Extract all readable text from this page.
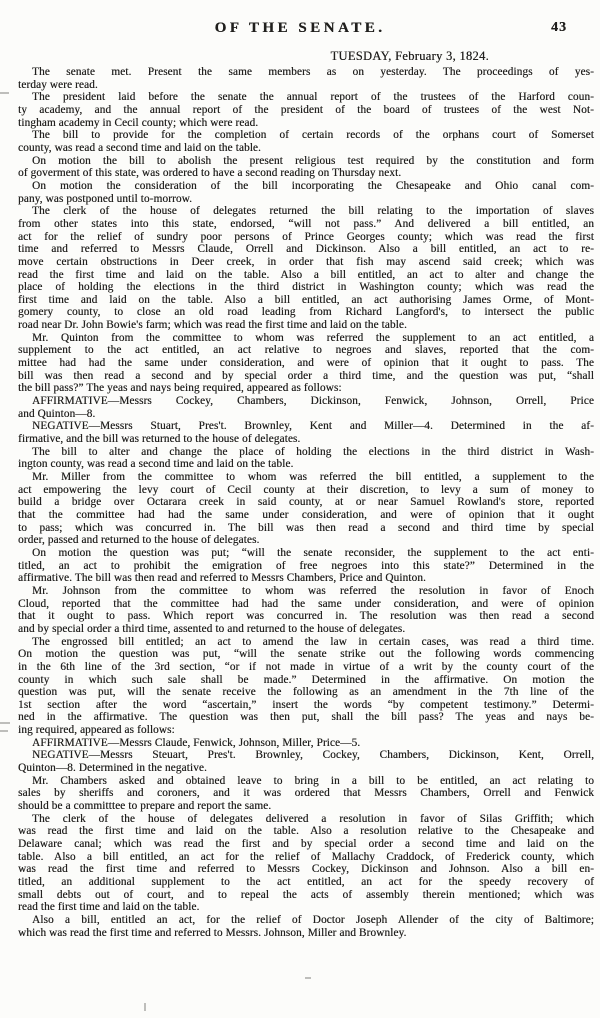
OF THE SENATE.	43
TUESDAY, February 3, 1824.
The senate met. Present the same members as on yesterday. The proceedings of yes-
terday were read.
The president laid before the senate the annual report of the trustees of the Harford coun-
ty academy, and the annual report of the president of the board of trustees of the west Not-
tingham academy in Cecil county; which were read.
The bill to provide for the completion of certain records of the orphans court of Somerset
county, was read a second time and laid on the table.
On motion the bill to abolish the present religious test required by the constitution and form
of goverment of this state, was ordered to have a second reading on Thursday next.
On motion the consideration of the bill incorporating the Chesapeake and Ohio canal com-
pany, was postponed until to-morrow.
The clerk of the house of delegates returned the bill relating to the importation of slaves
from other states into this state, endorsed, “will not pass.” And delivered a bill entitled, an
act for the relief of sundry poor persons of Prince Georges county; which was read the first
time and referred to Messrs Claude, Orrell and Dickinson. Also a bill entitled, an act to re-
move certain obstructions in Deer creek, in order that fish may ascend said creek; which was
read the first time and laid on the table. Also a bill entitled, an act to alter and change the
place of holding the elections in the third district in Washington county; which was read the
first time and laid on the table. Also a bill entitled, an act authorising James Orme, of Mont-
gomery county, to close an old road leading from Richard Langford's, to intersect the public
road near Dr. John Bowie's farm; which was read the first time and laid on the table.
Mr. Quinton from the committee to whom was referred the supplement to an act entitled, a
supplement to the act entitled, an act relative to negroes and slaves, reported that the com-
mittee had had the same under consideration, and were of opinion that it ought to pass. The
bill was then read a second and by special order a third time, and the question was put, “shall
the bill pass?” The yeas and nays being required, appeared as follows:
AFFIRMATIVE—Messrs Cockey, Chambers, Dickinson, Fenwick, Johnson, Orrell, Price
and Quinton—8.
NEGATIVE—Messrs Stuart, Pres't. Brownley, Kent and Miller—4. Determined in the af-
firmative, and the bill was returned to the house of delegates.
The bill to alter and change the place of holding the elections in the third district in Wash-
ington county, was read a second time and laid on the table.
Mr. Miller from the committee to whom was referred the bill entitled, a supplement to the
act empowering the levy court of Cecil county at their discretion, to levy a sum of money to
build a bridge over Octarara creek in said county, at or near Samuel Rowland's store, reported
that the committee had had the same under consideration, and were of opinion that it ought
to pass; which was concurred in. The bill was then read a second and third time by special
order, passed and returned to the house of delegates.
On motion the question was put; “will the senate reconsider, the supplement to the act enti-
titled, an act to prohibit the emigration of free negroes into this state?” Determined in the
affirmative. The bill was then read and referred to Messrs Chambers, Price and Quinton.
Mr. Johnson from the committee to whom was referred the resolution in favor of Enoch
Cloud, reported that the committee had had the same under consideration, and were of opinion
that it ought to pass. Which report was concurred in. The resolution was then read a second
and by special order a third time, assented to and returned to the house of delegates.
The engrossed bill entitled; an act to amend the law in certain cases, was read a third time.
On motion the question was put, “will the senate strike out the following words commencing
in the 6th line of the 3rd section, “or if not made in virtue of a writ by the county court of the
county in which such sale shall be made.” Determined in the affirmative. On motion the
question was put, will the senate receive the following as an amendment in the 7th line of the
1st section after the word “ascertain,” insert the words “by competent testimony.” Determi-
ned in the affirmative. The question was then put, shall the bill pass? The yeas and nays be-
ing required, appeared as follows:
AFFIRMATIVE—Messrs Claude, Fenwick, Johnson, Miller, Price—5.
NEGATIVE—Messrs Steuart, Pres't. Brownley, Cockey, Chambers, Dickinson, Kent, Orrell,
Quinton—8. Determined in the negative.
Mr. Chambers asked and obtained leave to bring in a bill to be entitled, an act relating to
sales by sheriffs and coroners, and it was ordered that Messrs Chambers, Orrell and Fenwick
should be a committtee to prepare and report the same.
The clerk of the house of delegates delivered a resolution in favor of Silas Griffith; which
was read the first time and laid on the table. Also a resolution relative to the Chesapeake and
Delaware canal; which was read the first and by special order a second time and laid on the
table. Also a bill entitled, an act for the relief of Mallachy Craddock, of Frederick county, which
was read the first time and referred to Messrs Cockey, Dickinson and Johnson. Also a bill en-
titled, an additional supplement to the act entitled, an act for the speedy recovery of
small debts out of court, and to repeal the acts of assembly therein mentioned; which was
read the first time and laid on the table.
Also a bill, entitled an act, for the relief of Doctor Joseph Allender of the city of Baltimore;
which was read the first time and referred to Messrs. Johnson, Miller and Brownley.
